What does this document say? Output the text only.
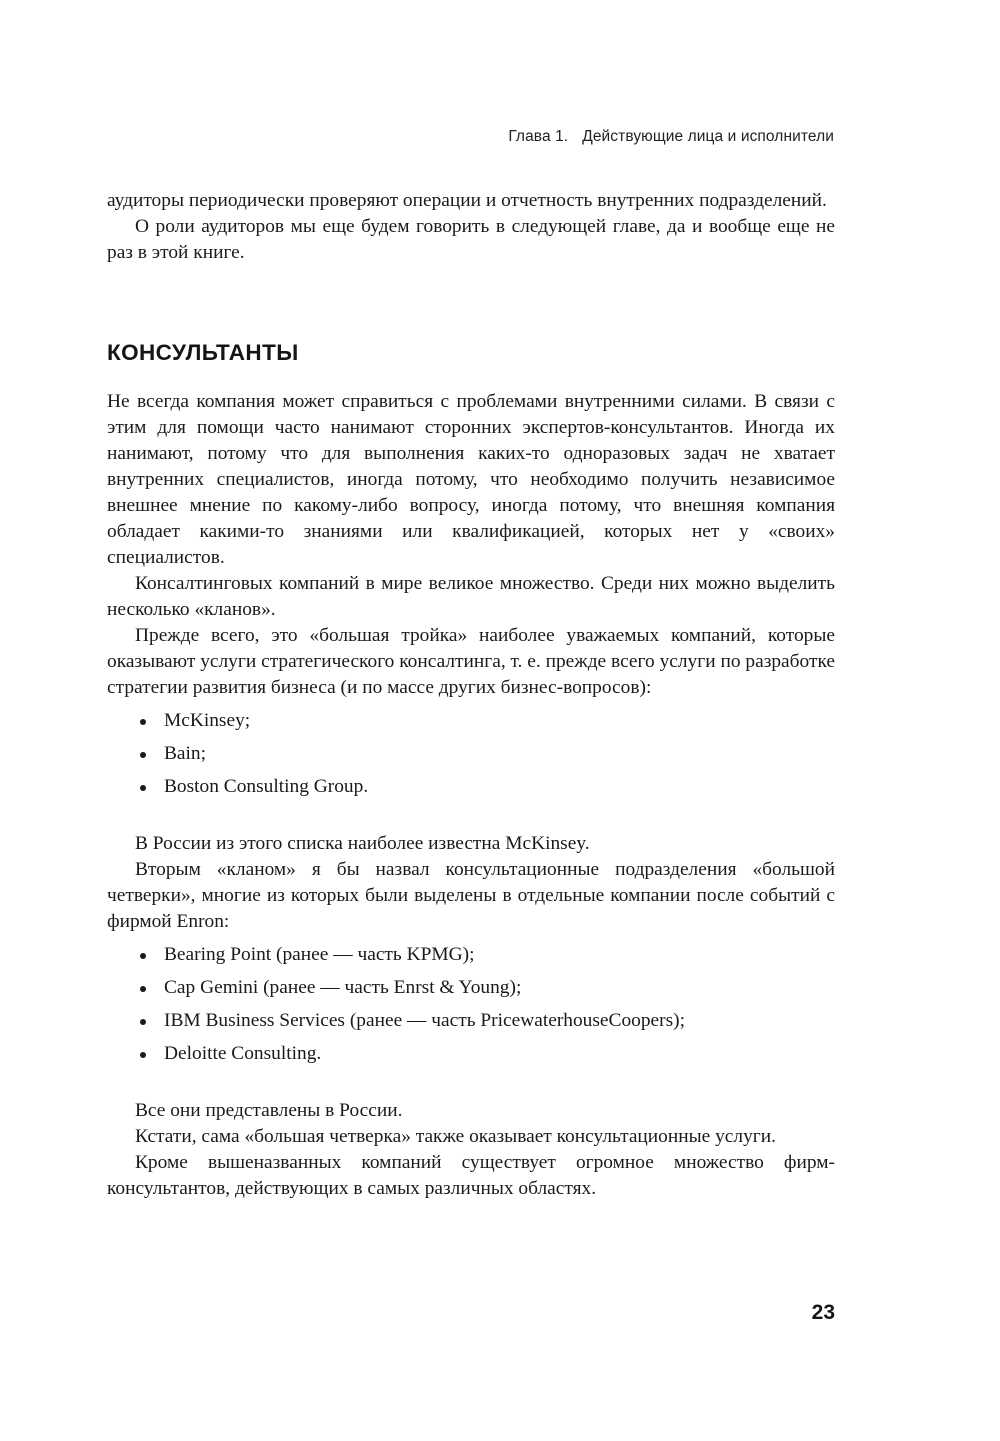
Глава 1. Действующие лица и исполнители

аудиторы периодически проверяют операции и отчетность внутренних подразделений.

О роли аудиторов мы еще будем говорить в следующей главе, да и вообще еще не раз в этой книге.

КОНСУЛЬТАНТЫ

Не всегда компания может справиться с проблемами внутренними силами. В связи с этим для помощи часто нанимают сторонних экспертов-консультантов. Иногда их нанимают, потому что для выполнения каких-то одноразовых задач не хватает внутренних специалистов, иногда потому, что необходимо получить независимое внешнее мнение по какому-либо вопросу, иногда потому, что внешняя компания обладает какими-то знаниями или квалификацией, которых нет у «своих» специалистов.

Консалтинговых компаний в мире великое множество. Среди них можно выделить несколько «кланов».

Прежде всего, это «большая тройка» наиболее уважаемых компаний, которые оказывают услуги стратегического консалтинга, т. е. прежде всего услуги по разработке стратегии развития бизнеса (и по массе других бизнес-вопросов):

McKinsey;
Bain;
Boston Consulting Group.

В России из этого списка наиболее известна McKinsey.

Вторым «кланом» я бы назвал консультационные подразделения «большой четверки», многие из которых были выделены в отдельные компании после событий с фирмой Enron:

Bearing Point (ранее — часть KPMG);
Cap Gemini (ранее — часть Enrst & Young);
IBM Business Services (ранее — часть PricewaterhouseCoopers);
Deloitte Consulting.

Все они представлены в России.

Кстати, сама «большая четверка» также оказывает консультационные услуги.

Кроме вышеназванных компаний существует огромное множество фирм-консультантов, действующих в самых различных областях.

23
